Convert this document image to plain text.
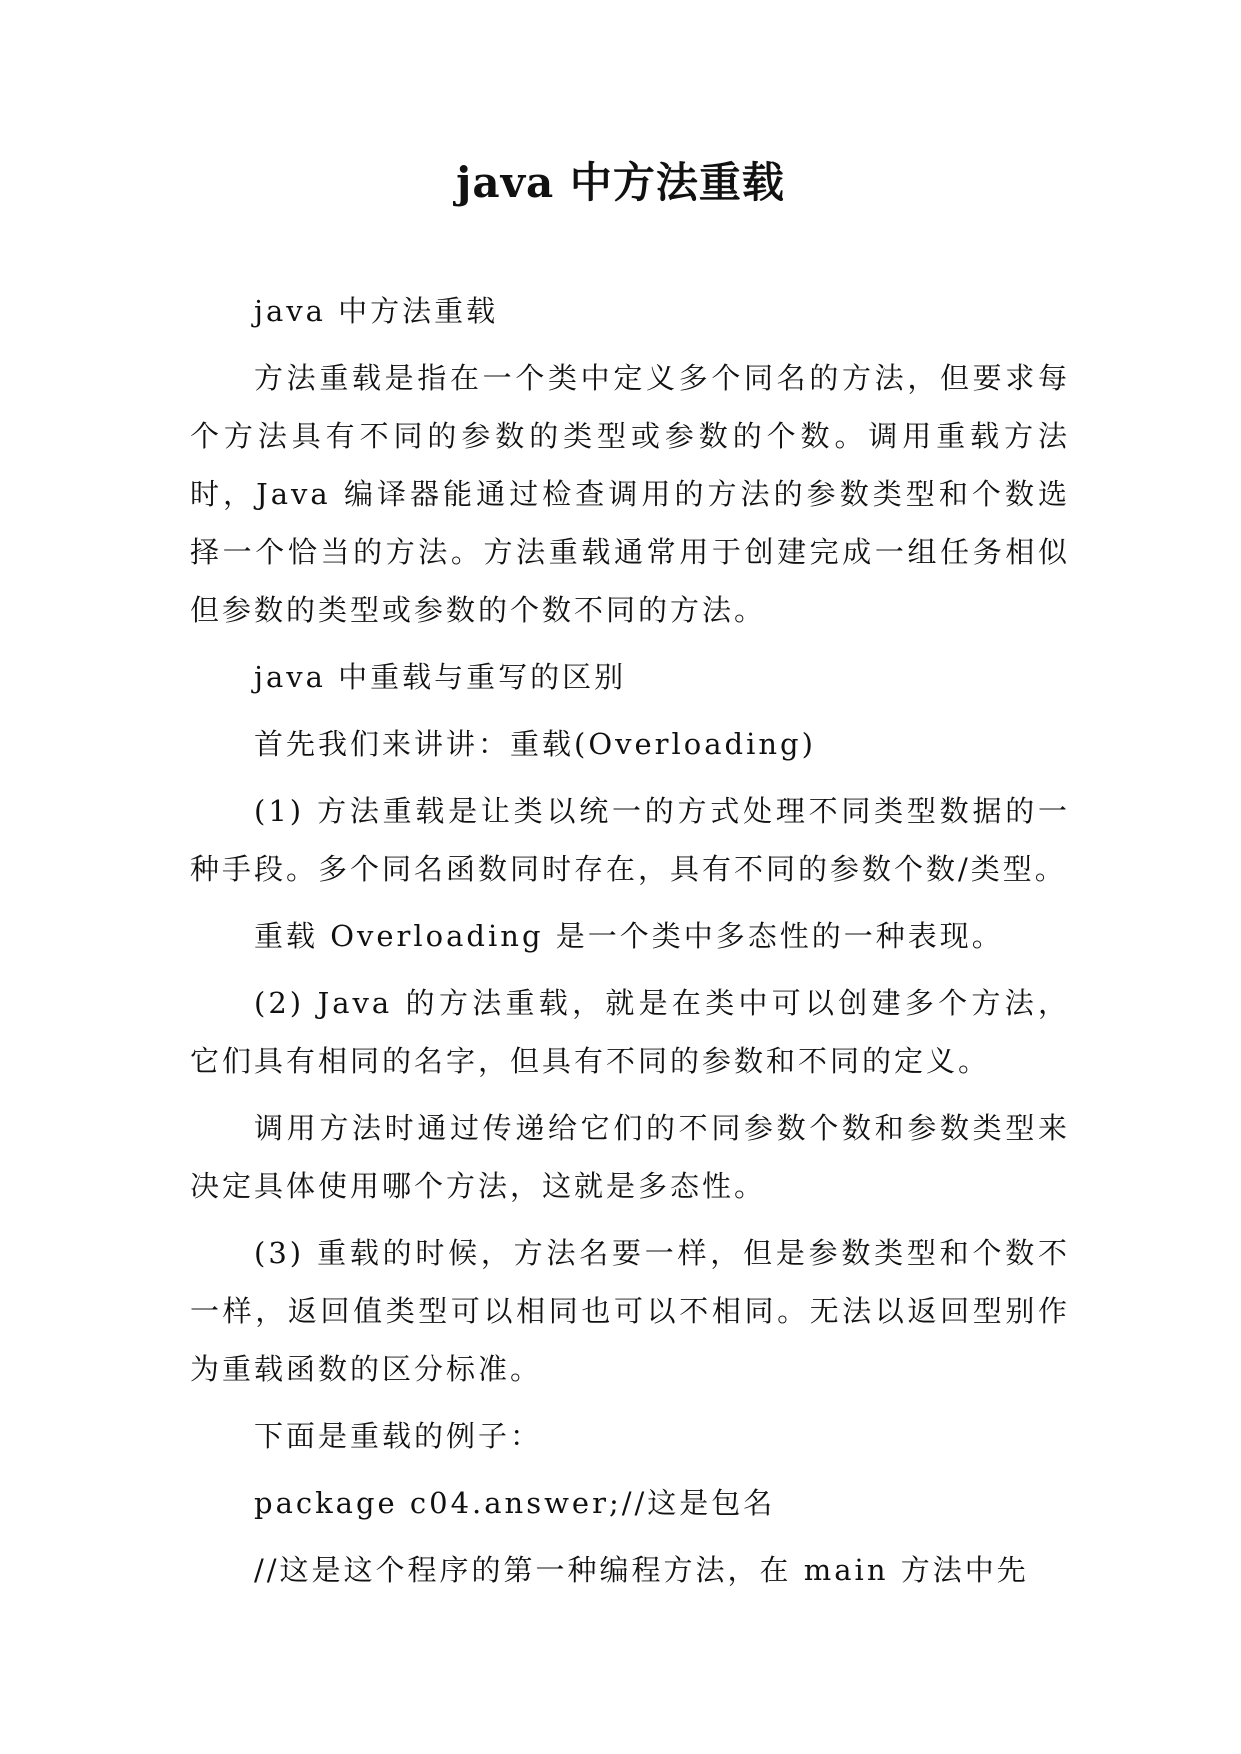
java 中方法重载

java 中方法重载

方法重载是指在一个类中定义多个同名的方法，但要求每个方法具有不同的参数的类型或参数的个数。调用重载方法时，Java 编译器能通过检查调用的方法的参数类型和个数选择一个恰当的方法。方法重载通常用于创建完成一组任务相似但参数的类型或参数的个数不同的方法。

java 中重载与重写的区别

首先我们来讲讲：重载(Overloading)

(1) 方法重载是让类以统一的方式处理不同类型数据的一种手段。多个同名函数同时存在，具有不同的参数个数/类型。

重载 Overloading 是一个类中多态性的一种表现。

(2) Java 的方法重载，就是在类中可以创建多个方法，它们具有相同的名字，但具有不同的参数和不同的定义。

调用方法时通过传递给它们的不同参数个数和参数类型来决定具体使用哪个方法，这就是多态性。

(3) 重载的时候，方法名要一样，但是参数类型和个数不一样，返回值类型可以相同也可以不相同。无法以返回型别作为重载函数的区分标准。

下面是重载的例子：

package c04.answer;//这是包名

//这是这个程序的第一种编程方法，在 main 方法中先
